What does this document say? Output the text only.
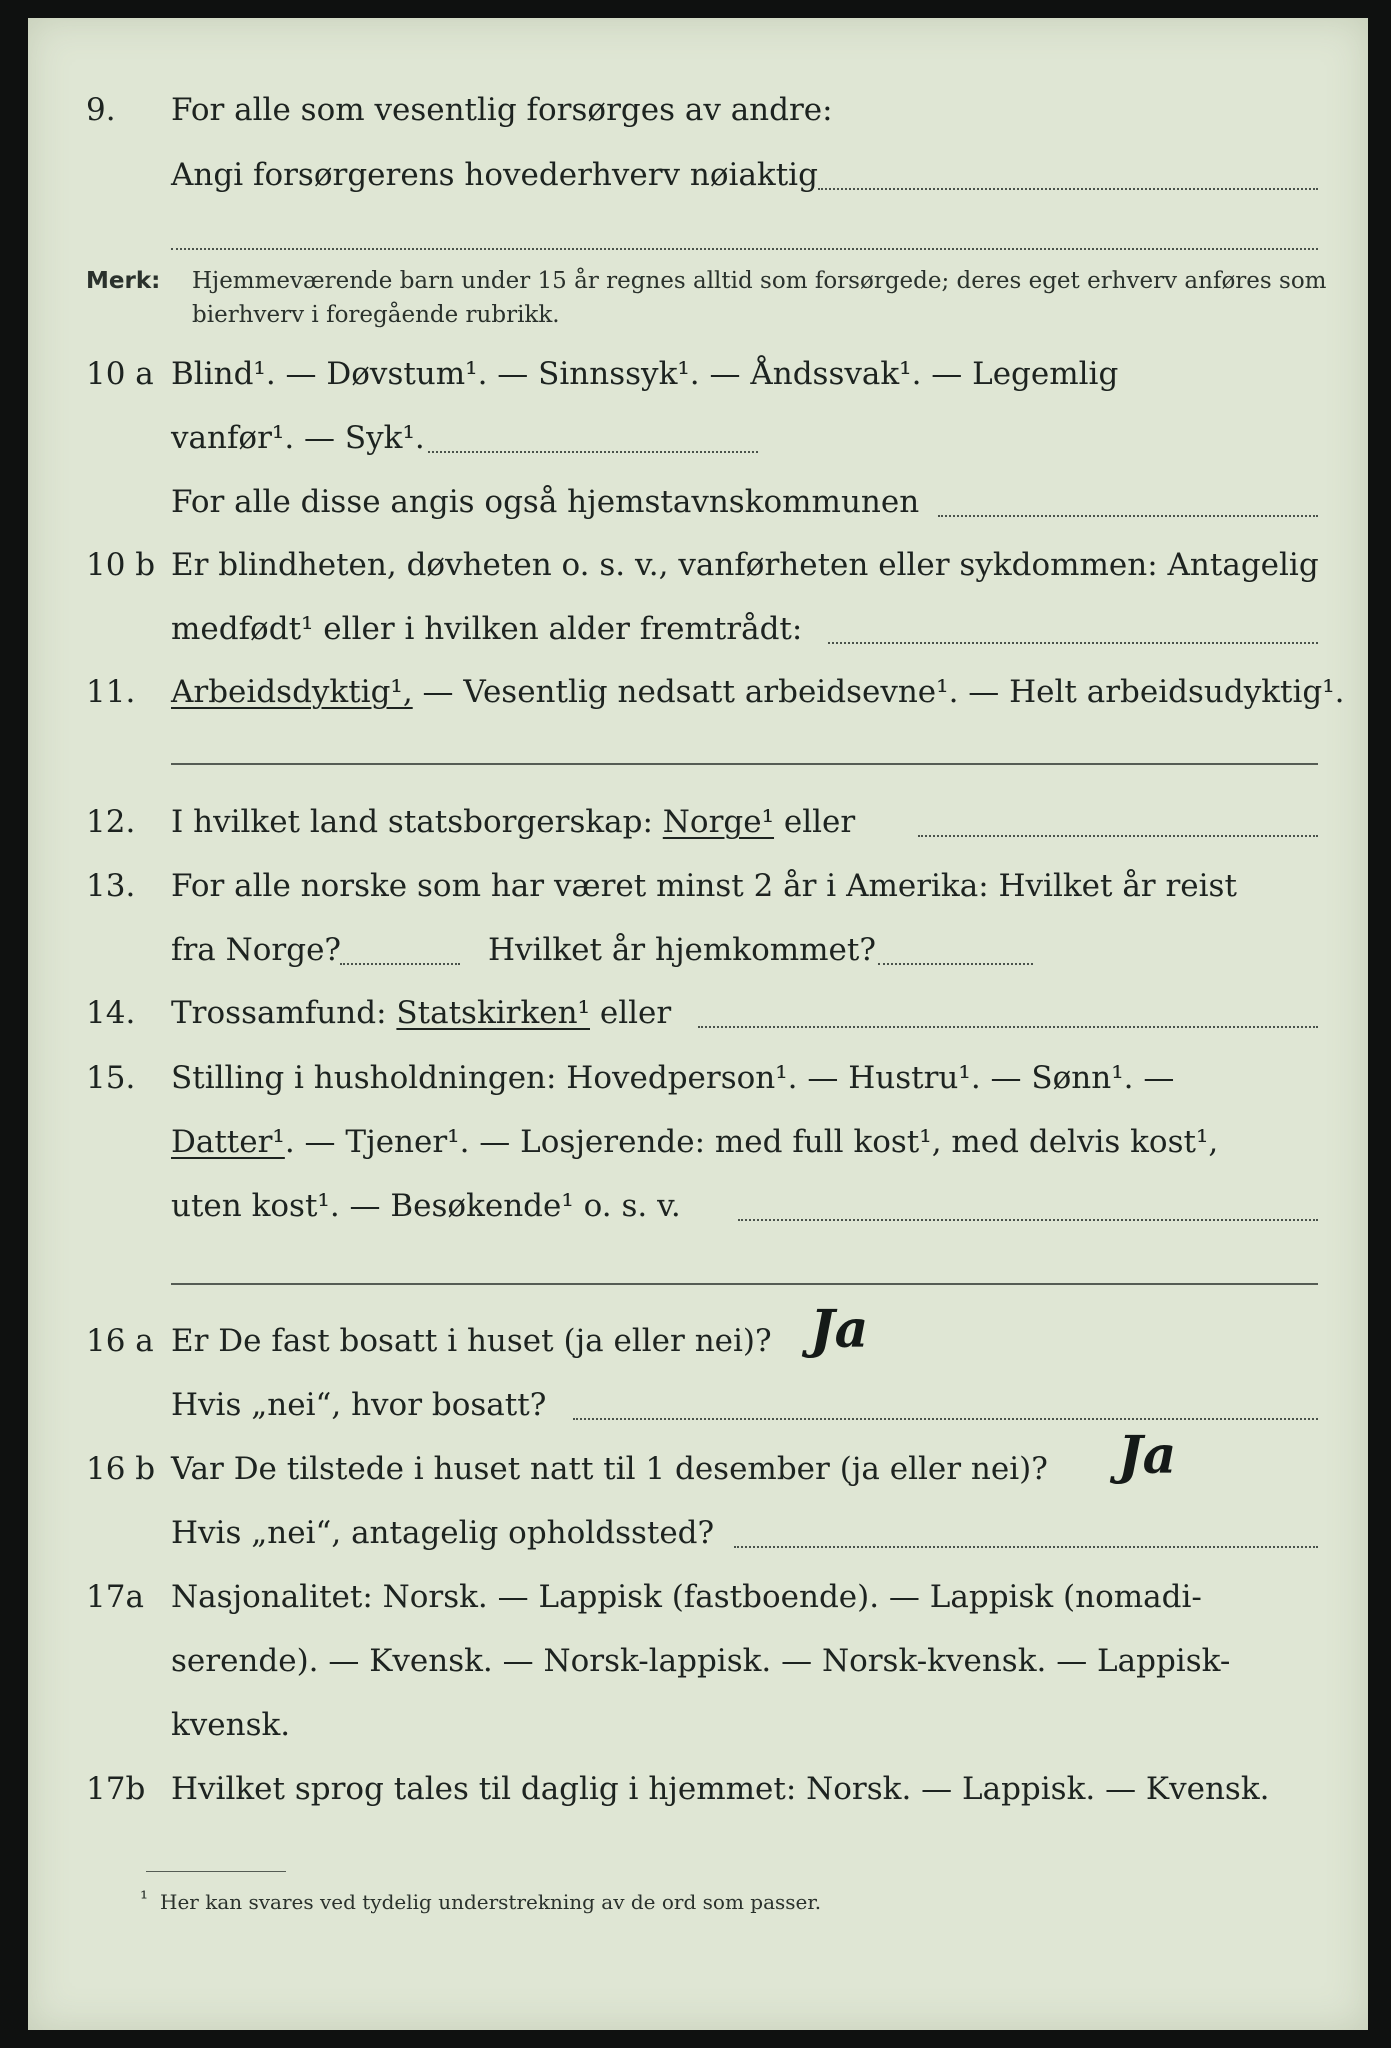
9.	For alle som vesentlig forsørges av andre:
Angi forsørgerens hovederhverv nøiaktig
Merk: Hjemmeværende barn under 15 år regnes alltid som forsørgede; deres eget erhverv anføres som bierhverv i foregående rubrikk.
10 a Blind¹. — Døvstum¹. — Sinnssyk¹. — Åndssvak¹. — Legemlig
vanfør¹. — Syk¹.
For alle disse angis også hjemstavnskommunen
10 b Er blindheten, døvheten o. s. v., vanførheten eller sykdommen: Antagelig
medfødt¹ eller i hvilken alder fremtrådt:
11.	Arbeidsdyktig¹, — Vesentlig nedsatt arbeidsevne¹. — Helt arbeidsudyktig¹.
12.	I hvilket land statsborgerskap: Norge¹ eller
13.	For alle norske som har været minst 2 år i Amerika: Hvilket år reist
fra Norge?	Hvilket år hjemkommet?
14.	Trossamfund: Statskirken¹ eller
15.	Stilling i husholdningen: Hovedperson¹. — Hustru¹. — Sønn¹. —
Datter¹. — Tjener¹. — Losjerende: med full kost¹, med delvis kost¹,
uten kost¹. — Besøkende¹ o. s. v.
16 a Er De fast bosatt i huset (ja eller nei)? Ja
Hvis „nei“, hvor bosatt?
16 b Var De tilstede i huset natt til 1 desember (ja eller nei)? Ja
Hvis „nei“, antagelig opholdssted?
17a Nasjonalitet: Norsk. — Lappisk (fastboende). — Lappisk (nomadi-
serende). — Kvensk. — Norsk-lappisk. — Norsk-kvensk. — Lappisk-
kvensk.
17b Hvilket sprog tales til daglig i hjemmet: Norsk. — Lappisk. — Kvensk.
¹ Her kan svares ved tydelig understrekning av de ord som passer.
